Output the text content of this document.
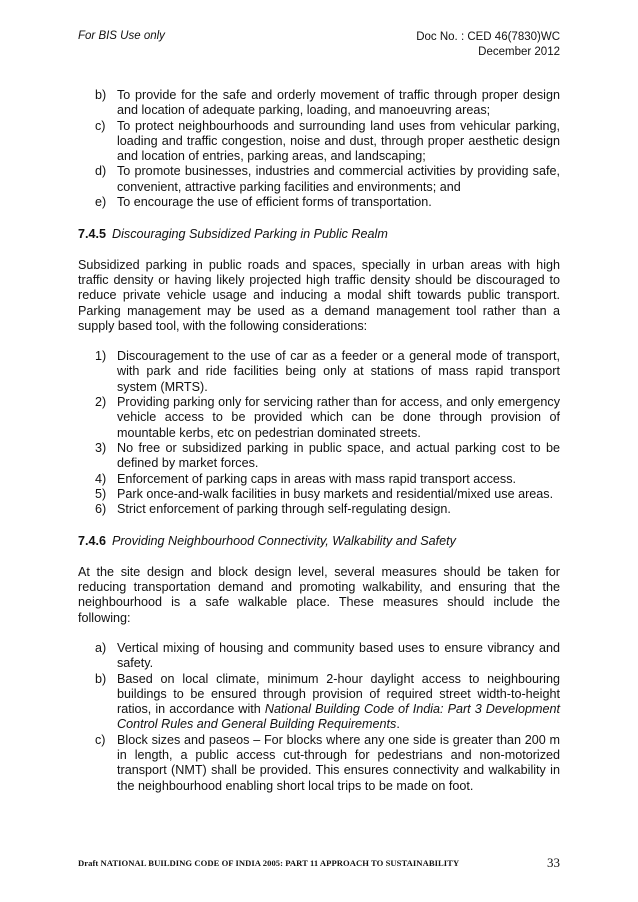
For BIS Use only	Doc No. : CED 46(7830)WC
December 2012
b) To provide for the safe and orderly movement of traffic through proper design and location of adequate parking, loading, and manoeuvring areas;
c) To protect neighbourhoods and surrounding land uses from vehicular parking, loading and traffic congestion, noise and dust, through proper aesthetic design and location of entries, parking areas, and landscaping;
d) To promote businesses, industries and commercial activities by providing safe, convenient, attractive parking facilities and environments; and
e) To encourage the use of efficient forms of transportation.

7.4.5 Discouraging Subsidized Parking in Public Realm

Subsidized parking in public roads and spaces, specially in urban areas with high traffic density or having likely projected high traffic density should be discouraged to reduce private vehicle usage and inducing a modal shift towards public transport. Parking management may be used as a demand management tool rather than a supply based tool, with the following considerations:

1) Discouragement to the use of car as a feeder or a general mode of transport, with park and ride facilities being only at stations of mass rapid transport system (MRTS).
2) Providing parking only for servicing rather than for access, and only emergency vehicle access to be provided which can be done through provision of mountable kerbs, etc on pedestrian dominated streets.
3) No free or subsidized parking in public space, and actual parking cost to be defined by market forces.
4) Enforcement of parking caps in areas with mass rapid transport access.
5) Park once-and-walk facilities in busy markets and residential/mixed use areas.
6) Strict enforcement of parking through self-regulating design.

7.4.6 Providing Neighbourhood Connectivity, Walkability and Safety

At the site design and block design level, several measures should be taken for reducing transportation demand and promoting walkability, and ensuring that the neighbourhood is a safe walkable place. These measures should include the following:

a) Vertical mixing of housing and community based uses to ensure vibrancy and safety.
b) Based on local climate, minimum 2-hour daylight access to neighbouring buildings to be ensured through provision of required street width-to-height ratios, in accordance with National Building Code of India: Part 3 Development Control Rules and General Building Requirements.
c) Block sizes and paseos – For blocks where any one side is greater than 200 m in length, a public access cut-through for pedestrians and non-motorized transport (NMT) shall be provided. This ensures connectivity and walkability in the neighbourhood enabling short local trips to be made on foot.
Draft NATIONAL BUILDING CODE OF INDIA 2005: PART 11 APPROACH TO SUSTAINABILITY	33
